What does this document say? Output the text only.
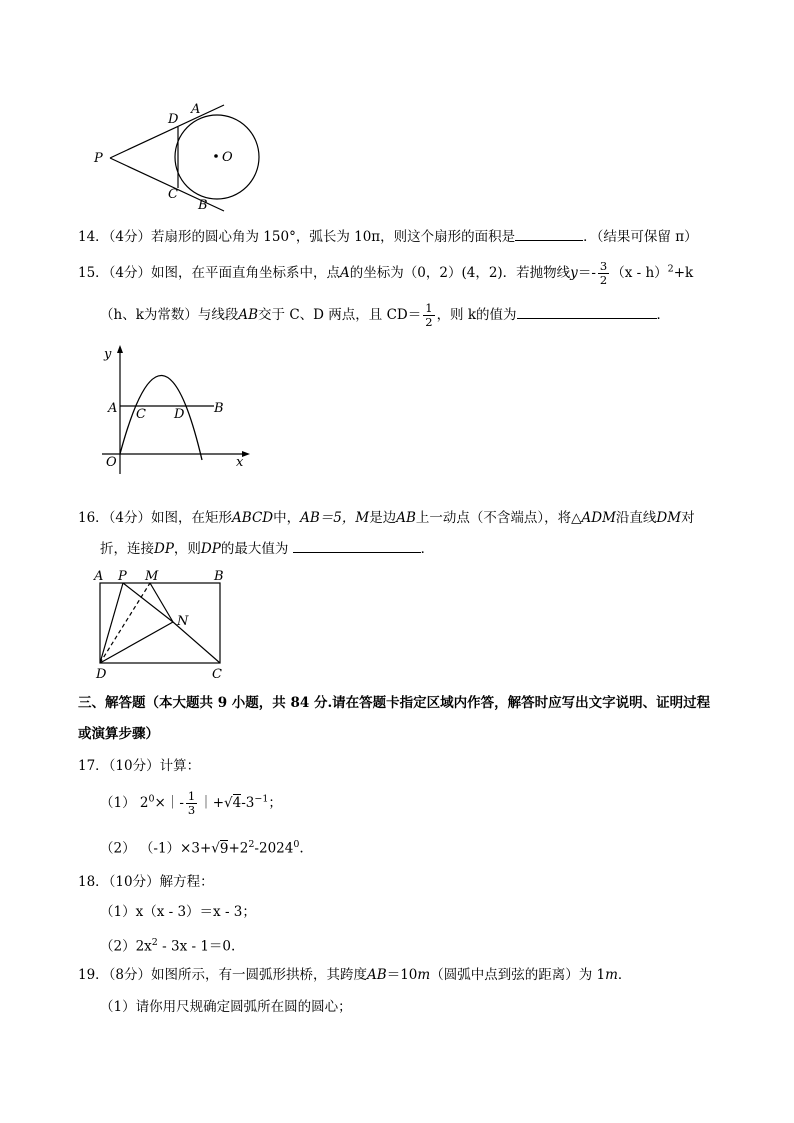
P
D
A
O
C
B
14．（4分）若扇形的圆心角为 150°，弧长为 10π，则这个扇形的面积是	．（结果可保留 π）
15．（4分）如图，在平面直角坐标系中，点A的坐标为（0，2）(4，2)．若抛物线$y=- \frac{3}{2} (x - h)^2+k$
（h、k为常数）与线段AB交于 C、D 两点，且 $CD= \frac{1}{2}$ ，则 k的值为	．
y
x
O
A	B
C D
16．（4分）如图，在矩形ABCD中，AB＝5，M是边AB上一动点（不含端点），将△ADM沿直线DM对
折，连接DP，则DP的最大值为	．
A P M	B
N
D	C
三、解答题（本大题共 9 小题，共 84 分.请在答题卡指定区域内作答，解答时应写出文字说明、证明过程
或演算步骤）
17．（10分）计算：
（1） $2^0\times|- \frac{1}{3}$ $|+√4-3^{-1}$；
（2） $(-1)\times 3+√9+2^2-2024^0$.
18．（10分）解方程：
（1）x（x - 3）＝x - 3；
$(2)2x^2 - 3x - 1=0$.
19．（8分）如图所示，有一圆弧形拱桥，其跨度AB＝10m（圆弧中点到弦的距离）为 1m．
（1）请你用尺规确定圆弧所在圆的圆心；
